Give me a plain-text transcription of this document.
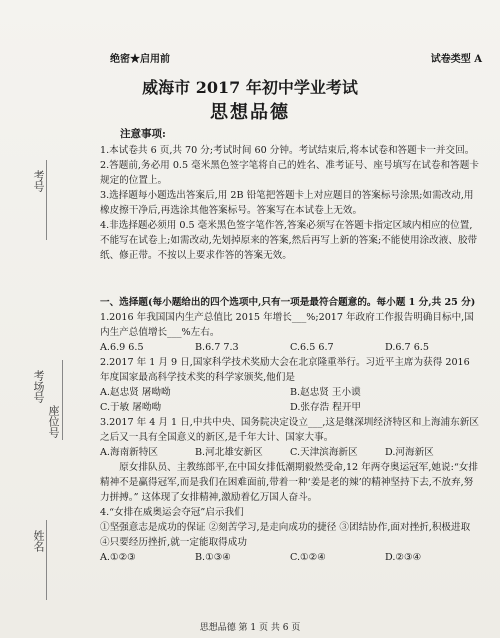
绝密★启用前	试卷类型 A
威海市 2017 年初中学业考试
思想品德
考号
考场号
座位号
姓名
注意事项:

1.本试卷共 6 页,共 70 分;考试时间 60 分钟。考试结束后,将本试卷和答题卡一并交回。

2.答题前,务必用 0.5 毫米黑色签字笔将自己的姓名、准考证号、座号填写在试卷和答题卡规定的位置上。

3.选择题每小题选出答案后,用 2B 铅笔把答题卡上对应题目的答案标号涂黑;如需改动,用橡皮擦干净后,再选涂其他答案标号。答案写在本试卷上无效。

4.非选择题必须用 0.5 毫米黑色签字笔作答,答案必须写在答题卡指定区域内相应的位置,不能写在试卷上;如需改动,先划掉原来的答案,然后再写上新的答案;不能使用涂改液、胶带纸、修正带。不按以上要求作答的答案无效。

一、选择题(每小题给出的四个选项中,只有一项是最符合题意的。每小题 1 分,共 25 分)

1.2016 年我国国内生产总值比 2015 年增长___%;2017 年政府工作报告明确目标中,国内生产总值增长___%左右。

A.6.9 6.5	B.6.7 7.3	C.6.5 6.7	D.6.7 6.5

2.2017 年 1 月 9 日,国家科学技术奖励大会在北京隆重举行。习近平主席为获得 2016 年度国家最高科学技术奖的科学家颁奖,他们是

A.赵忠贤 屠呦呦	B.赵忠贤 王小谟
C.于敏 屠呦呦	D.张存浩 程开甲

3.2017 年 4 月 1 日,中共中央、国务院决定设立___,这是继深圳经济特区和上海浦东新区之后又一具有全国意义的新区,是千年大计、国家大事。

A.海南新特区	B.河北雄安新区	C.天津滨海新区	D.河海新区

原女排队员、主教练郎平,在中国女排低潮期毅然受命,12 年两夺奥运冠军,她说:“女排精神不是赢得冠军,而是我们在困难面前,带着一种‘姜是老的辣’的精神坚持下去,不放弃,努力拼搏。” 这体现了女排精神,激励着亿万国人奋斗。

4.“女排在威奥运会夺冠”启示我们

①坚强意志是成功的保证 ②刻苦学习,是走向成功的捷径 ③团结协作,面对挫折,积极进取 ④只要经历挫折,就一定能取得成功

A.①②③	B.①③④	C.①②④	D.②③④
思想品德 第 1 页 共 6 页
